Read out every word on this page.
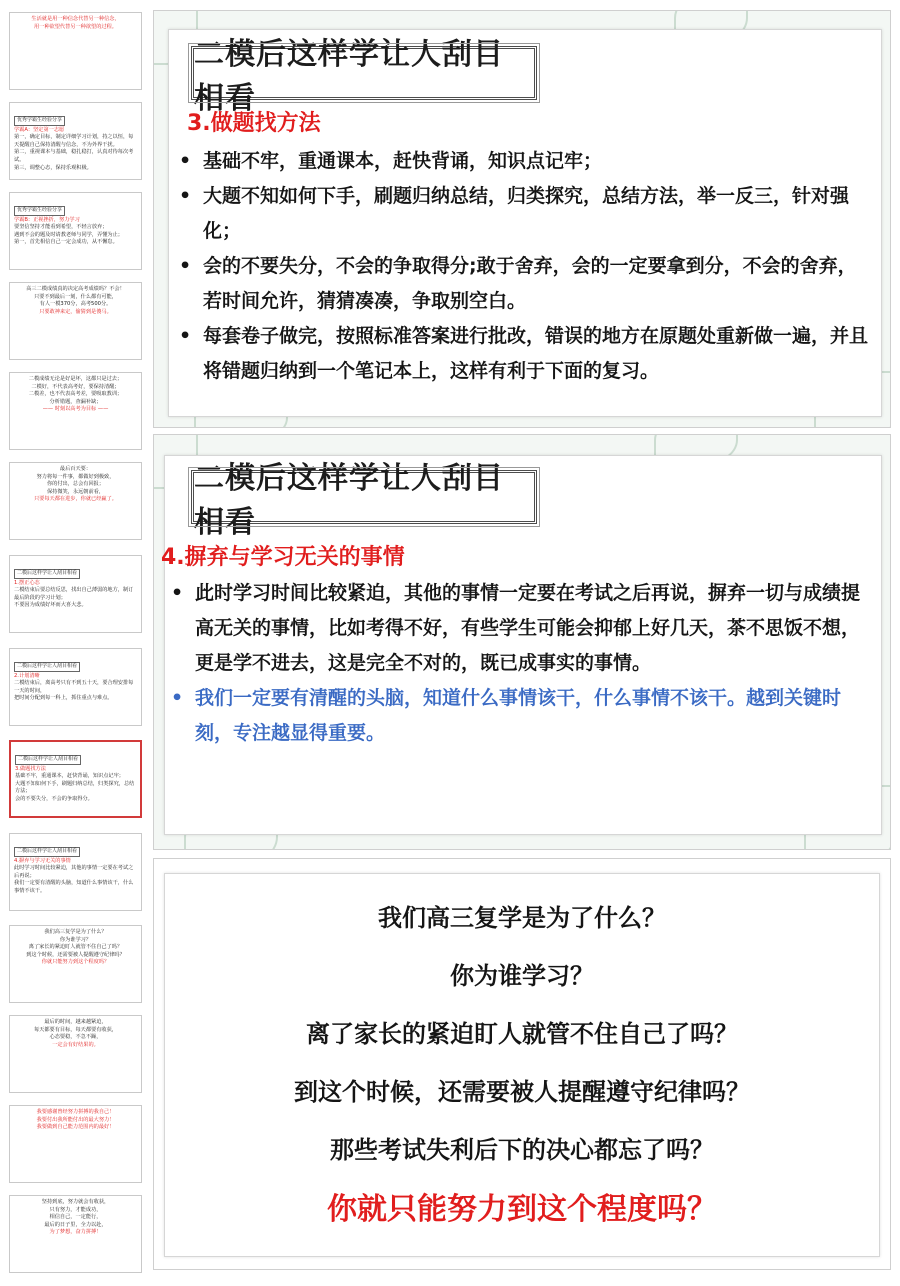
生活就是用一种信念代替另一种信念，
用一种欲望代替另一种欲望的过程。
优秀学霸生经验分享
学霸A：坚定第一志愿
第一，确定目标，制定详细学习计划，持之以恒，每天提醒自己保持清醒与信念，不为外界干扰。
第二，重视课本与基础，稳扎稳打，认真对待每次考试。
第三，调整心态，保持乐观积极。
优秀学霸生经验分享
学霸B：正视挫折，努力学习
要坚信坚持才能看到希望，不轻言放弃；
遇到不会的题及时请教老师与同学，弄懂为止；
第一，首先相信自己一定会成功，从不懈怠。
高三二模成绩真的决定高考成绩吗？不会！
只要不到最后一刻，什么都有可能，
有人一模370分，高考500分。
只要敢神来定，偷猜到是傻马。
二模成绩无论是好是坏，这都只是过去；
二模好，不代表高考好，要保持清醒；
二模差，也不代表高考差，要吸取教训；
分析错题，查漏补缺；
—— 时刻以高考为目标 ——
最后百天要：
努力将每一件事，都做好到极致，
你的付出，总会有回报；
保持微笑，永远朝前看，
只要每天都在进步，你就已经赢了。
二模后这样学让人刮目相看
1.摆正心态
二模结束后要总结反思，找出自己薄弱的地方，制订最后阶段的学习计划；
不要因为成绩好坏而大喜大悲。
二模后这样学让人刮目相看
2.计划清晰
二模结束后，离高考只有不到五十天，要合理安排每一天的时间，
把时间分配到每一科上，抓住重点与难点。
二模后这样学让人刮目相看
3.做题找方法
基础不牢，重通课本，赶快背诵，知识点记牢；
大题不知如何下手，刷题归纳总结，归类探究，总结方法；
会的不要失分，不会的争取得分。
二模后这样学让人刮目相看
4.摒弃与学习无关的事情
此时学习时间比较紧迫，其他的事情一定要在考试之后再说；
我们一定要有清醒的头脑，知道什么事情该干，什么事情不该干。
我们高三复学是为了什么？
你为谁学习？
离了家长的紧迫盯人就管不住自己了吗？
到这个时候，还需要被人提醒遵守纪律吗？
你就只能努力到这个程度吗？
最后的时间，越来越紧迫，
每天都要有目标，每天都要有收获，
心态要稳，不急不躁，
一定会有好结果的。
我要感谢曾经努力拼搏的我自己！
我要付出我所能付出的最大努力！
我要做到自己能力范围内的最好！
坚持到底，努力就会有收获，
只有努力，才能成功，
相信自己，一定能行，
最后的日子里，全力以赴，
为了梦想，奋力拼搏！
二模后这样学让人刮目相看
3.做题找方法
• 基础不牢，重通课本，赶快背诵，知识点记牢；
• 大题不知如何下手，刷题归纳总结，归类探究，总结方法，举一反三，针对强化；
• 会的不要失分，不会的争取得分;敢于舍弃，会的一定要拿到分，不会的舍弃，若时间允许，猜猜凑凑，争取别空白。
• 每套卷子做完，按照标准答案进行批改，错误的地方在原题处重新做一遍，并且将错题归纳到一个笔记本上，这样有利于下面的复习。
二模后这样学让人刮目相看
4.摒弃与学习无关的事情
• 此时学习时间比较紧迫，其他的事情一定要在考试之后再说，摒弃一切与成绩提高无关的事情，比如考得不好，有些学生可能会抑郁上好几天，茶不思饭不想，更是学不进去，这是完全不对的，既已成事实的事情。
• 我们一定要有清醒的头脑，知道什么事情该干，什么事情不该干。越到关键时刻，专注越显得重要。
我们高三复学是为了什么？
你为谁学习？
离了家长的紧迫盯人就管不住自己了吗？
到这个时候，还需要被人提醒遵守纪律吗？
那些考试失利后下的决心都忘了吗？
你就只能努力到这个程度吗？
